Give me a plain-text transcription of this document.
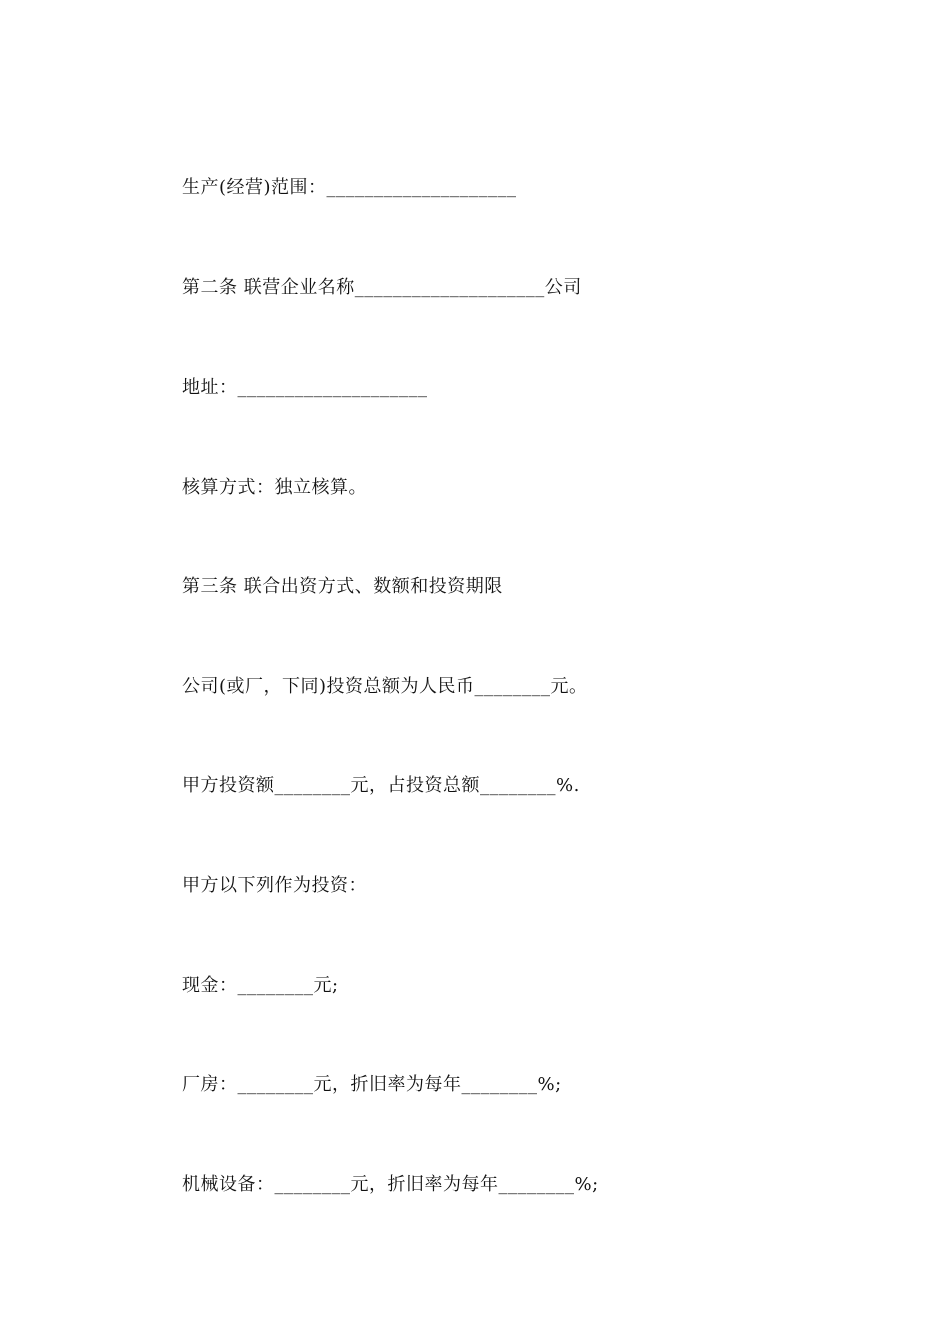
生产(经营)范围：____________________
第二条 联营企业名称____________________公司
地址：____________________
核算方式：独立核算。
第三条 联合出资方式、数额和投资期限
公司(或厂，下同)投资总额为人民币________元。
甲方投资额________元，占投资总额________%.
甲方以下列作为投资：
现金：________元;
厂房：________元，折旧率为每年________%;
机械设备：________元，折旧率为每年________%;
